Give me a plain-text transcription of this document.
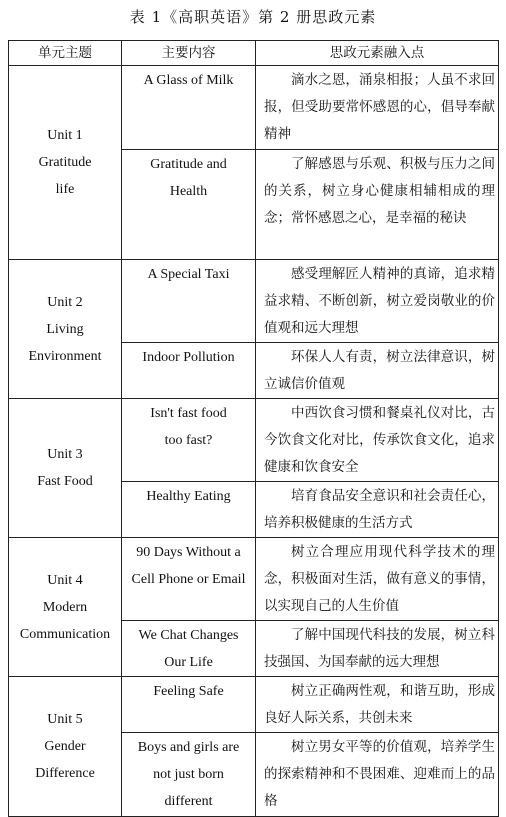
表 1《高职英语》第 2 册思政元素
单元主题	主要内容	思政元素融入点

Unit 1
Gratitude
life	A Glass of Milk	滴水之恩，涌泉相报；人虽不求回报，但受助要常怀感恩的心，倡导奉献精神
	Gratitude and Health	了解感恩与乐观、积极与压力之间的关系，树立身心健康相辅相成的理念；常怀感恩之心，是幸福的秘诀

Unit 2
Living
Environment	A Special Taxi	感受理解匠人精神的真谛，追求精益求精、不断创新，树立爱岗敬业的价值观和远大理想
	Indoor Pollution	环保人人有责，树立法律意识，树立诚信价值观

Unit 3
Fast Food	Isn't fast food too fast?	中西饮食习惯和餐桌礼仪对比，古今饮食文化对比，传承饮食文化，追求健康和饮食安全
	Healthy Eating	培育食品安全意识和社会责任心，培养积极健康的生活方式

Unit 4
Modern
Communication	90 Days Without a Cell Phone or Email	树立合理应用现代科学技术的理念，积极面对生活，做有意义的事情，以实现自己的人生价值
	We Chat Changes Our Life	了解中国现代科技的发展，树立科技强国、为国奉献的远大理想

Unit 5
Gender
Difference	Feeling Safe	树立正确两性观，和谐互助，形成良好人际关系，共创未来
	Boys and girls are not just born different	树立男女平等的价值观，培养学生的探索精神和不畏困难、迎难而上的品格
